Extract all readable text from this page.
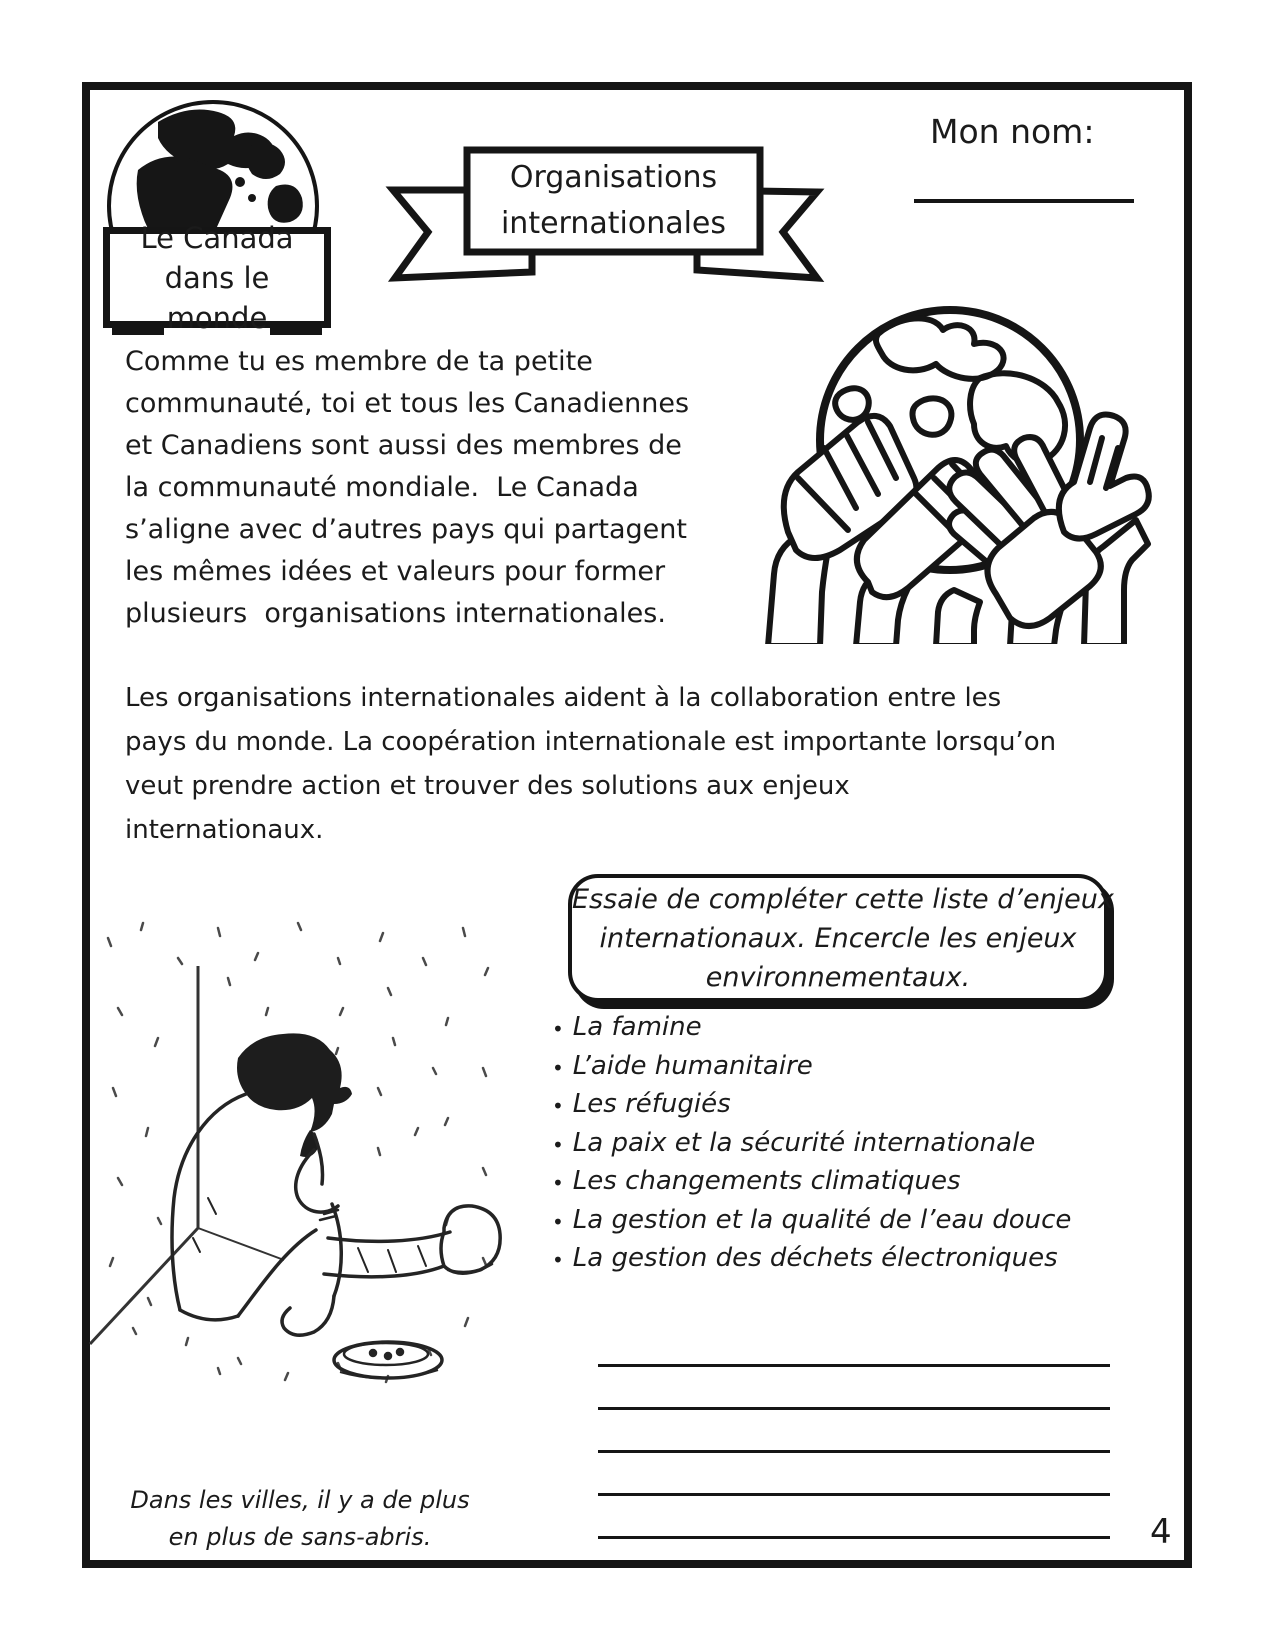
Le Canada
dans le monde
Organisations
internationales
Mon nom:
Comme tu es membre de ta petite
communauté, toi et tous les Canadiennes
et Canadiens sont aussi des membres de
la communauté mondiale.  Le Canada
s’aligne avec d’autres pays qui partagent
les mêmes idées et valeurs pour former
plusieurs  organisations internationales.
Les organisations internationales aident à la collaboration entre les
pays du monde. La coopération internationale est importante lorsqu’on
veut prendre action et trouver des solutions aux enjeux
internationaux.
Essaie de compléter cette liste d’enjeux
internationaux. Encercle les enjeux
environnementaux.
• La famine
• L’aide humanitaire
• Les réfugiés
• La paix et la sécurité internationale
• Les changements climatiques
• La gestion et la qualité de l’eau douce
• La gestion des déchets électroniques
Dans les villes, il y a de plus
en plus de sans-abris.	4
